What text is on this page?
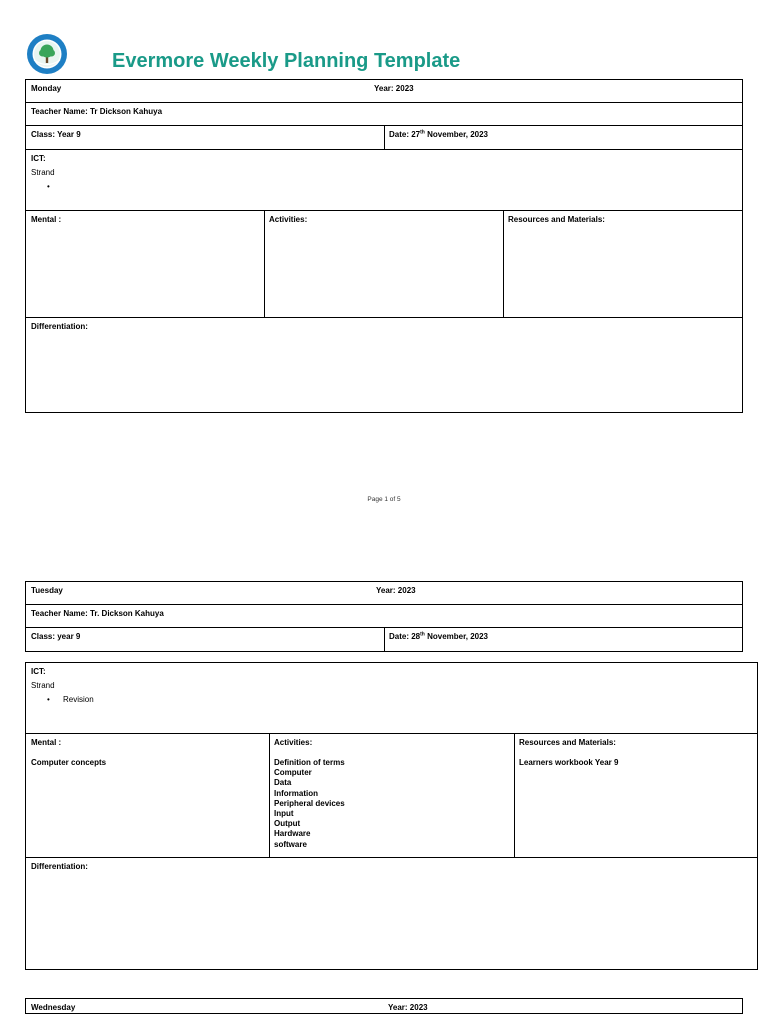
Evermore Weekly Planning Template
Monday	Year: 2023
Teacher Name: Tr Dickson Kahuya
Class: Year 9	Date: 27th November, 2023
ICT:
Strand
•
Mental :	Activities:	Resources and Materials:
Differentiation:
Page 1 of 5
Tuesday	Year: 2023
Teacher Name: Tr. Dickson Kahuya
Class: year 9	Date: 28th November, 2023
ICT:
Strand
• Revision
Mental :
Computer concepts
Activities:
Definition of terms
Computer
Data
Information
Peripheral devices
Input
Output
Hardware
software
Resources and Materials:
Learners workbook Year 9
Differentiation:
Wednesday	Year: 2023
